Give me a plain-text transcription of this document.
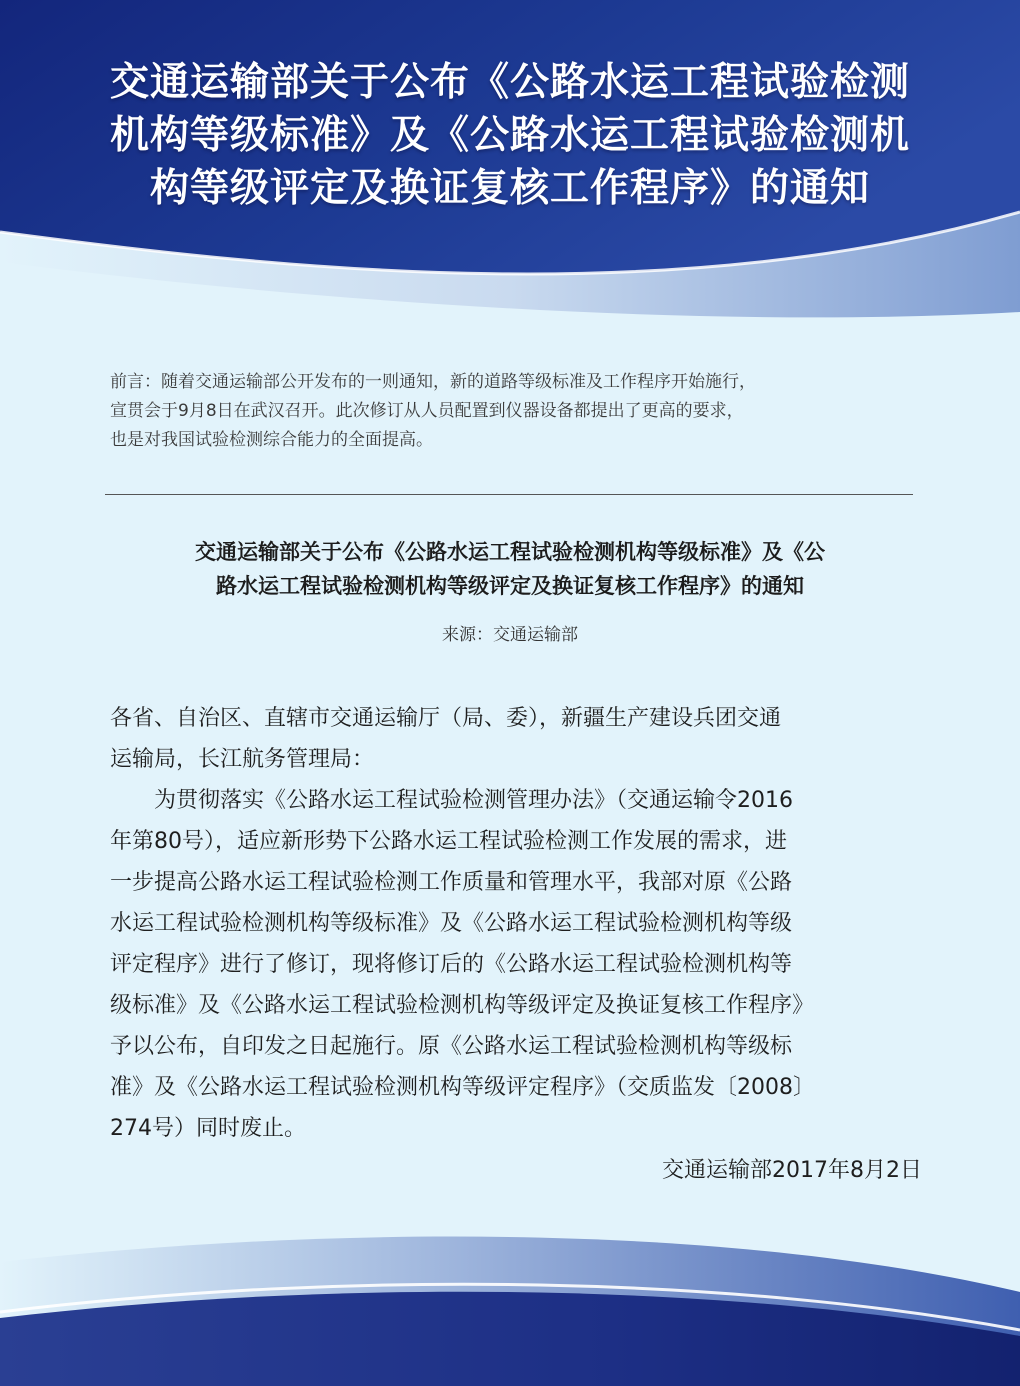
交通运输部关于公布《公路水运工程试验检测
机构等级标准》及《公路水运工程试验检测机
构等级评定及换证复核工作程序》的通知
前言：随着交通运输部公开发布的一则通知，新的道路等级标准及工作程序开始施行，
宣贯会于9月8日在武汉召开。此次修订从人员配置到仪器设备都提出了更高的要求，
也是对我国试验检测综合能力的全面提高。
交通运输部关于公布《公路水运工程试验检测机构等级标准》及《公
路水运工程试验检测机构等级评定及换证复核工作程序》的通知
来源：交通运输部

各省、自治区、直辖市交通运输厅（局、委），新疆生产建设兵团交通

运输局，长江航务管理局：

为贯彻落实《公路水运工程试验检测管理办法》（交通运输令2016

年第80号），适应新形势下公路水运工程试验检测工作发展的需求，进

一步提高公路水运工程试验检测工作质量和管理水平，我部对原《公路

水运工程试验检测机构等级标准》及《公路水运工程试验检测机构等级

评定程序》进行了修订，现将修订后的《公路水运工程试验检测机构等

级标准》及《公路水运工程试验检测机构等级评定及换证复核工作程序》

予以公布，自印发之日起施行。原《公路水运工程试验检测机构等级标

准》及《公路水运工程试验检测机构等级评定程序》（交质监发〔2008〕

274号）同时废止。

交通运输部2017年8月2日
